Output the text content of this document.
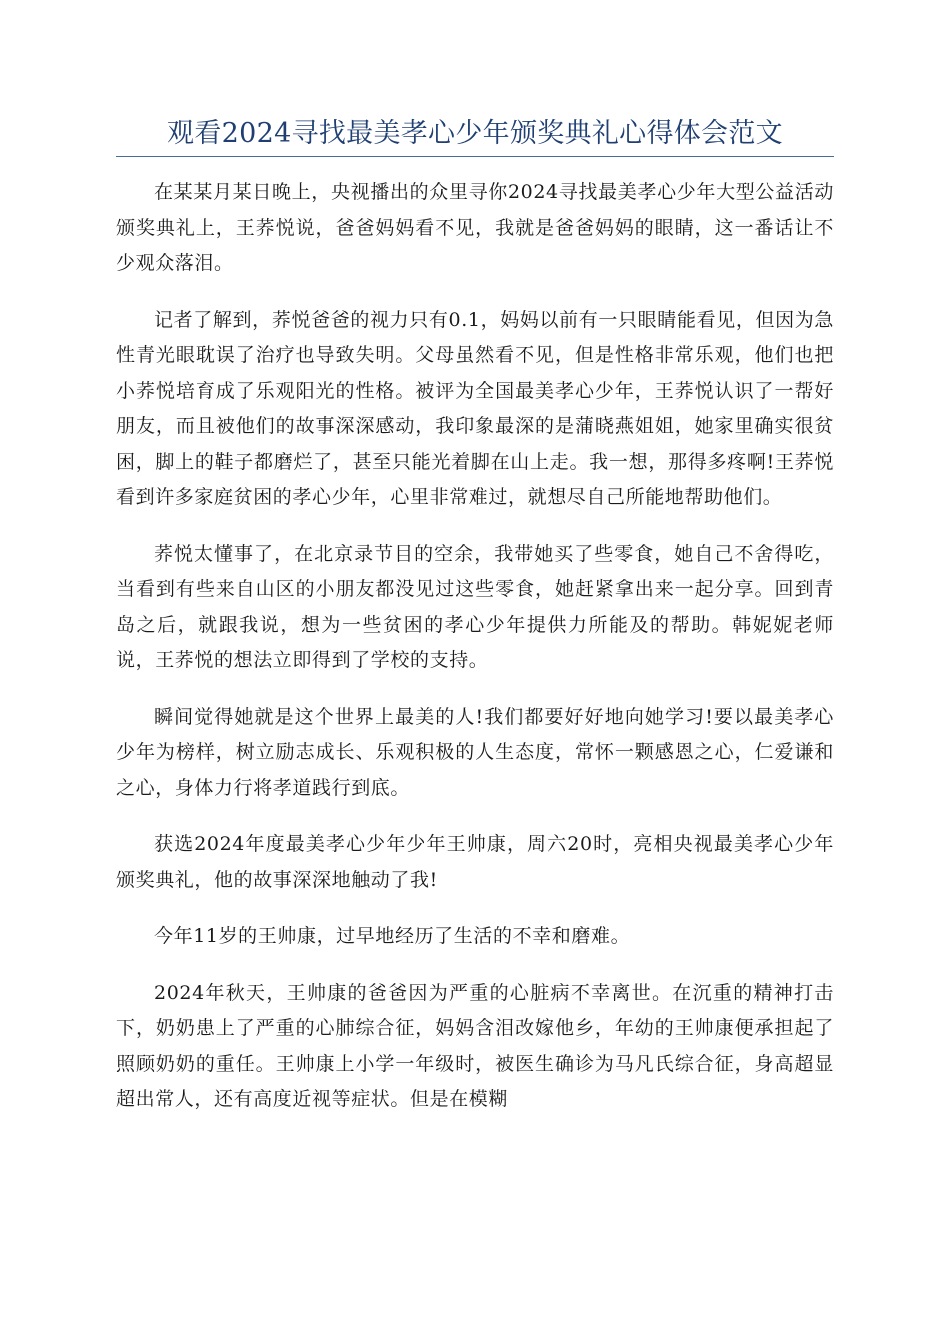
观看2024寻找最美孝心少年颁奖典礼心得体会范文

在某某月某日晚上，央视播出的众里寻你2024寻找最美孝心少年大型公益活动颁奖典礼上，王荞悦说，爸爸妈妈看不见，我就是爸爸妈妈的眼睛，这一番话让不少观众落泪。

记者了解到，荞悦爸爸的视力只有0.1，妈妈以前有一只眼睛能看见，但因为急性青光眼耽误了治疗也导致失明。父母虽然看不见，但是性格非常乐观，他们也把小荞悦培育成了乐观阳光的性格。被评为全国最美孝心少年，王荞悦认识了一帮好朋友，而且被他们的故事深深感动，我印象最深的是蒲晓燕姐姐，她家里确实很贫困，脚上的鞋子都磨烂了，甚至只能光着脚在山上走。我一想，那得多疼啊!王荞悦看到许多家庭贫困的孝心少年，心里非常难过，就想尽自己所能地帮助他们。

荞悦太懂事了，在北京录节目的空余，我带她买了些零食，她自己不舍得吃，当看到有些来自山区的小朋友都没见过这些零食，她赶紧拿出来一起分享。回到青岛之后，就跟我说，想为一些贫困的孝心少年提供力所能及的帮助。韩妮妮老师说，王荞悦的想法立即得到了学校的支持。

瞬间觉得她就是这个世界上最美的人!我们都要好好地向她学习!要以最美孝心少年为榜样，树立励志成长、乐观积极的人生态度，常怀一颗感恩之心，仁爱谦和之心，身体力行将孝道践行到底。

获选2024年度最美孝心少年少年王帅康，周六20时，亮相央视最美孝心少年颁奖典礼，他的故事深深地触动了我!

今年11岁的王帅康，过早地经历了生活的不幸和磨难。

2024年秋天，王帅康的爸爸因为严重的心脏病不幸离世。在沉重的精神打击下，奶奶患上了严重的心肺综合征，妈妈含泪改嫁他乡，年幼的王帅康便承担起了照顾奶奶的重任。王帅康上小学一年级时，被医生确诊为马凡氏综合征，身高超显超出常人，还有高度近视等症状。但是在模糊
